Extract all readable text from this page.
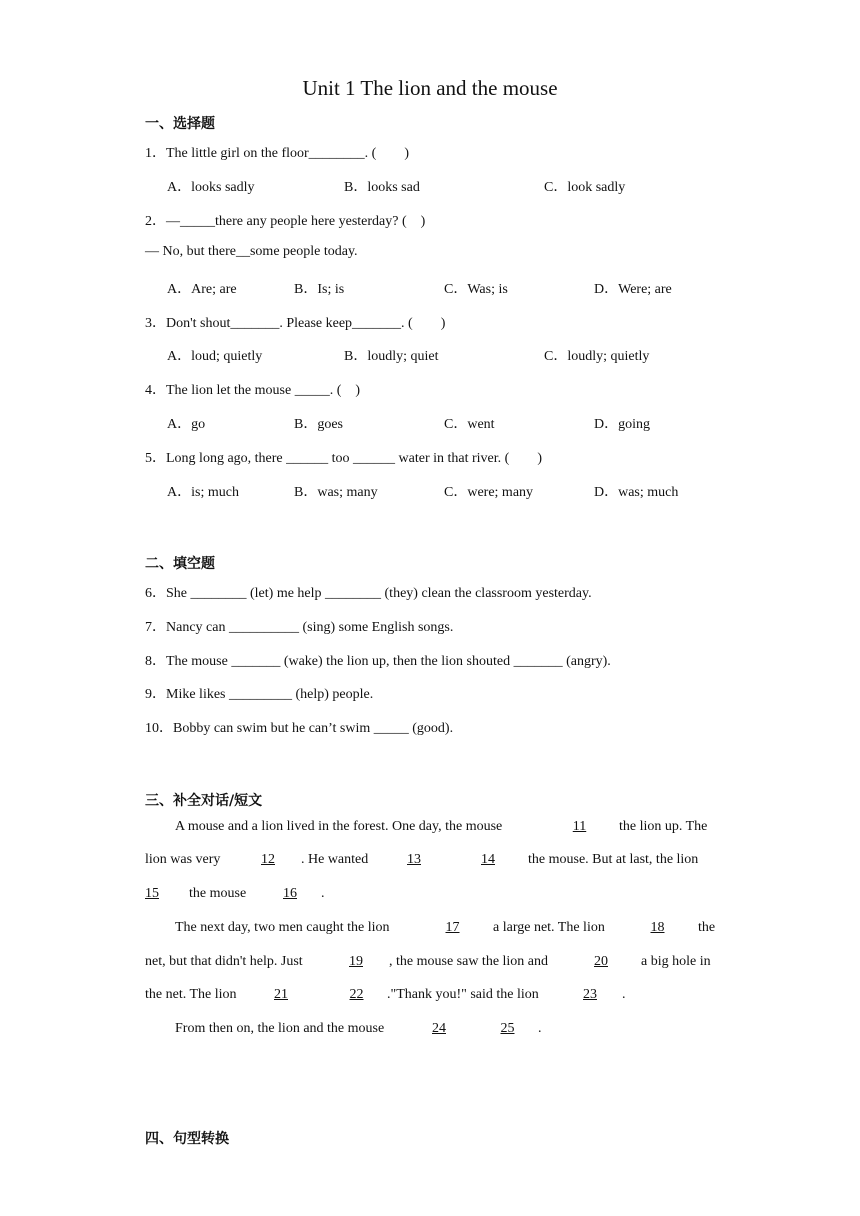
Unit 1 The lion and the mouse
一、选择题
1．The little girl on the floor________. (　　)
A．looks sadly	B．looks sad	C．look sadly
2．—_____there any people here yesterday? (　)
— No, but there__some people today.
A．Are; are	B．Is; is	C．Was; is	D．Were; are
3．Don't shout_______. Please keep_______. (　　)
A．loud; quietly	B．loudly; quiet	C．loudly; quietly
4．The lion let the mouse _____. (　)
A．go	B．goes	C．went	D．going
5．Long long ago, there ______ too ______ water in that river. (　　)
A．is; much	B．was; many	C．were; many	D．was; much
二、填空题
6．She ________ (let) me help ________ (they) clean the classroom yesterday.
7．Nancy can __________ (sing) some English songs.
8．The mouse _______ (wake) the lion up, then the lion shouted _______ (angry).
9．Mike likes _________ (help) people.
10．Bobby can swim but he can’t swim _____ (good).
三、补全对话/短文
A mouse and a lion lived in the forest. One day, the mouse	11	the lion up. The
lion was very	12	. He wanted	13	14	the mouse. But at last, the lion
15	the mouse	16	.
The next day, two men caught the lion	17	a large net. The lion	18	the
net, but that didn't help. Just	19	, the mouse saw the lion and	20	a big hole in
the net. The lion	21	22	."Thank you!" said the lion	23	.
From then on, the lion and the mouse	24	25	.
四、句型转换
